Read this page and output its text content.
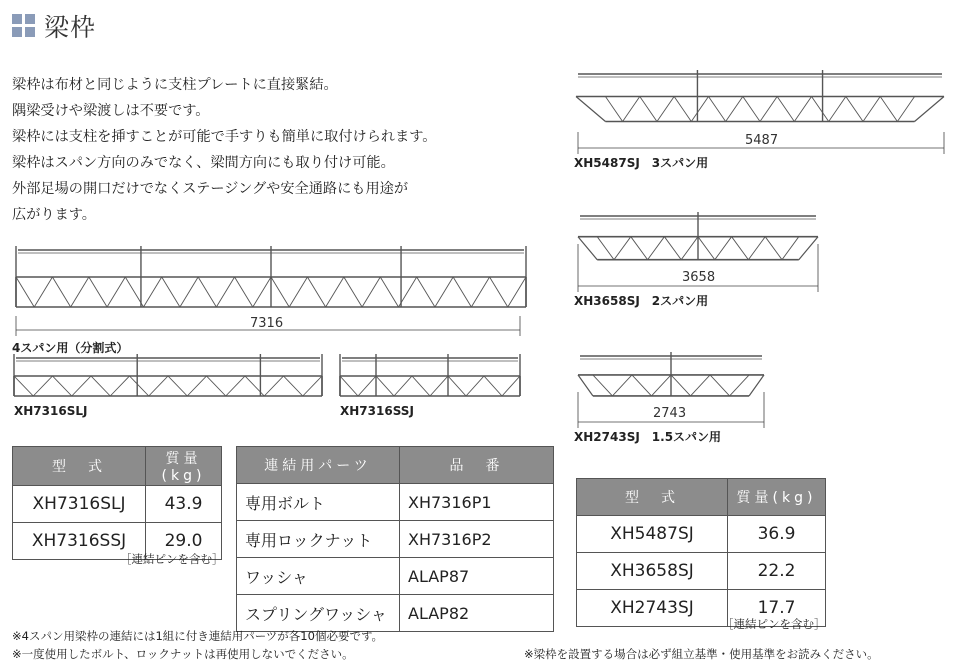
梁枠
梁枠は布材と同じように支柱プレートに直接緊結。
隅梁受けや梁渡しは不要です。
梁枠には支柱を挿すことが可能で手すりも簡単に取付けられます。
梁枠はスパン方向のみでなく、梁間方向にも取り付け可能。
外部足場の開口だけでなくステージングや安全通路にも用途が
広がります。
7316
4スパン用（分割式）
XH7316SLJ	XH7316SSJ
5487
XH5487SJ　3スパン用
3658
XH3658SJ　2スパン用
2743
XH2743SJ　1.5スパン用
型　式	質量(kg)
XH7316SLJ	43.9
XH7316SSJ	29.0
［連結ピンを含む］
連結用パーツ	品　番
専用ボルト	XH7316P1
専用ロックナット	XH7316P2
ワッシャ	ALAP87
スプリングワッシャ	ALAP82
型　式	質量(kg)
XH5487SJ	36.9
XH3658SJ	22.2
XH2743SJ	17.7
［連結ピンを含む］
※4スパン用梁枠の連結には1組に付き連結用パーツが各10個必要です。
※一度使用したボルト、ロックナットは再使用しないでください。	※梁枠を設置する場合は必ず組立基準・使用基準をお読みください。
